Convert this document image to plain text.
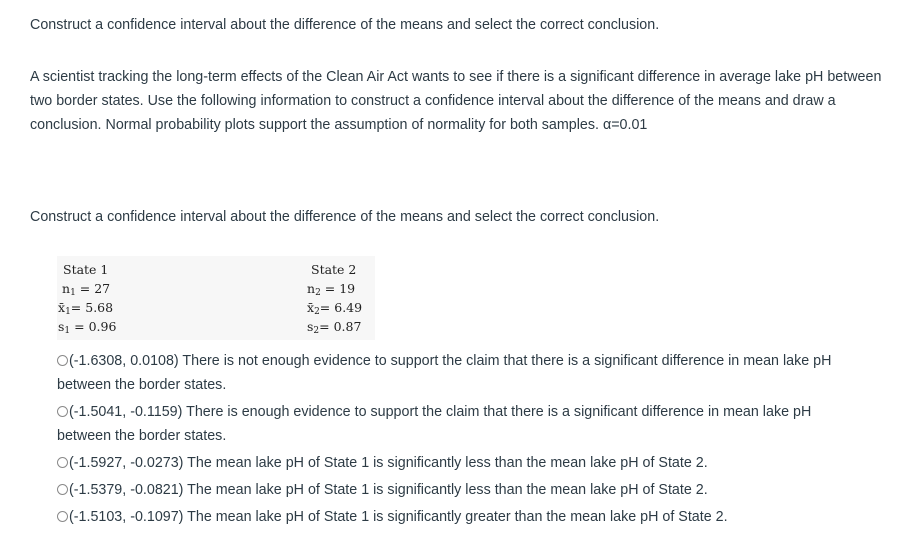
Construct a confidence interval about the difference of the means and select the correct conclusion.
A scientist tracking the long-term effects of the Clean Air Act wants to see if there is a significant difference in average lake pH between two border states. Use the following information to construct a confidence interval about the difference of the means and draw a conclusion. Normal probability plots support the assumption of normality for both samples. α=0.01
Construct a confidence interval about the difference of the means and select the correct conclusion.
State 1
$n_1 = 27$
$x̄_1= 5.68$
$s_1 = 0.96$
State 2
$n_2 = 19$
$x̄_2= 6.49$
$s_2= 0.87$
(-1.6308, 0.0108) There is not enough evidence to support the claim that there is a significant difference in mean lake pH
between the border states.
(-1.5041, -0.1159) There is enough evidence to support the claim that there is a significant difference in mean lake pH
between the border states.
(-1.5927, -0.0273) The mean lake pH of State 1 is significantly less than the mean lake pH of State 2.
(-1.5379, -0.0821) The mean lake pH of State 1 is significantly less than the mean lake pH of State 2.
(-1.5103, -0.1097) The mean lake pH of State 1 is significantly greater than the mean lake pH of State 2.
